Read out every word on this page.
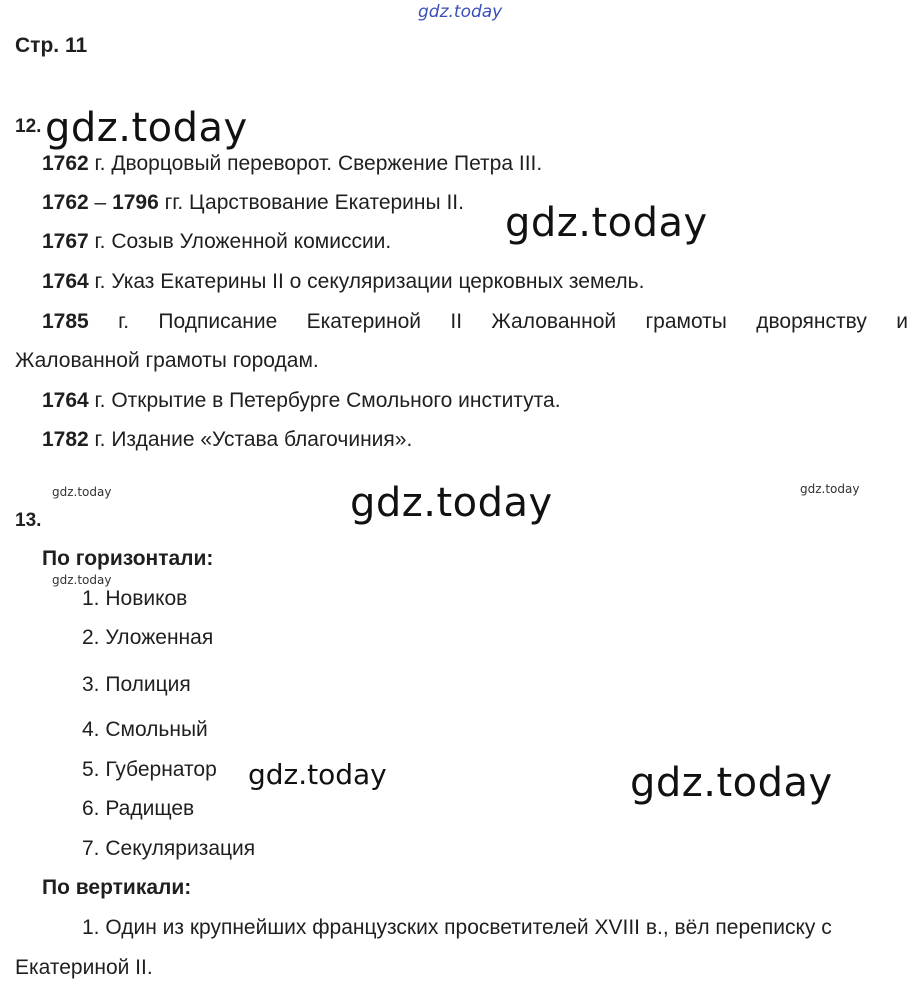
gdz.today
gdz.today
gdz.today
gdz.today
gdz.today	gdz.today
gdz.today
gdz.today	gdz.today
Стр. 11
12.
1762 г. Дворцовый переворот. Свержение Петра III.
1762 – 1796 гг. Царствование Екатерины II.
1767 г. Созыв Уложенной комиссии.
1764 г. Указ Екатерины II о секуляризации церковных земель.
1785 г. Подписание Екатериной II Жалованной грамоты дворянству и
Жалованной грамоты городам.
1764 г. Открытие в Петербурге Смольного института.
1782 г. Издание «Устава благочиния».
13.
По горизонтали:
1. Новиков
2. Уложенная
3. Полиция
4. Смольный
5. Губернатор
6. Радищев
7. Секуляризация
По вертикали:
1. Один из крупнейших французских просветителей XVIII в., вёл переписку с
Екатериной II.
